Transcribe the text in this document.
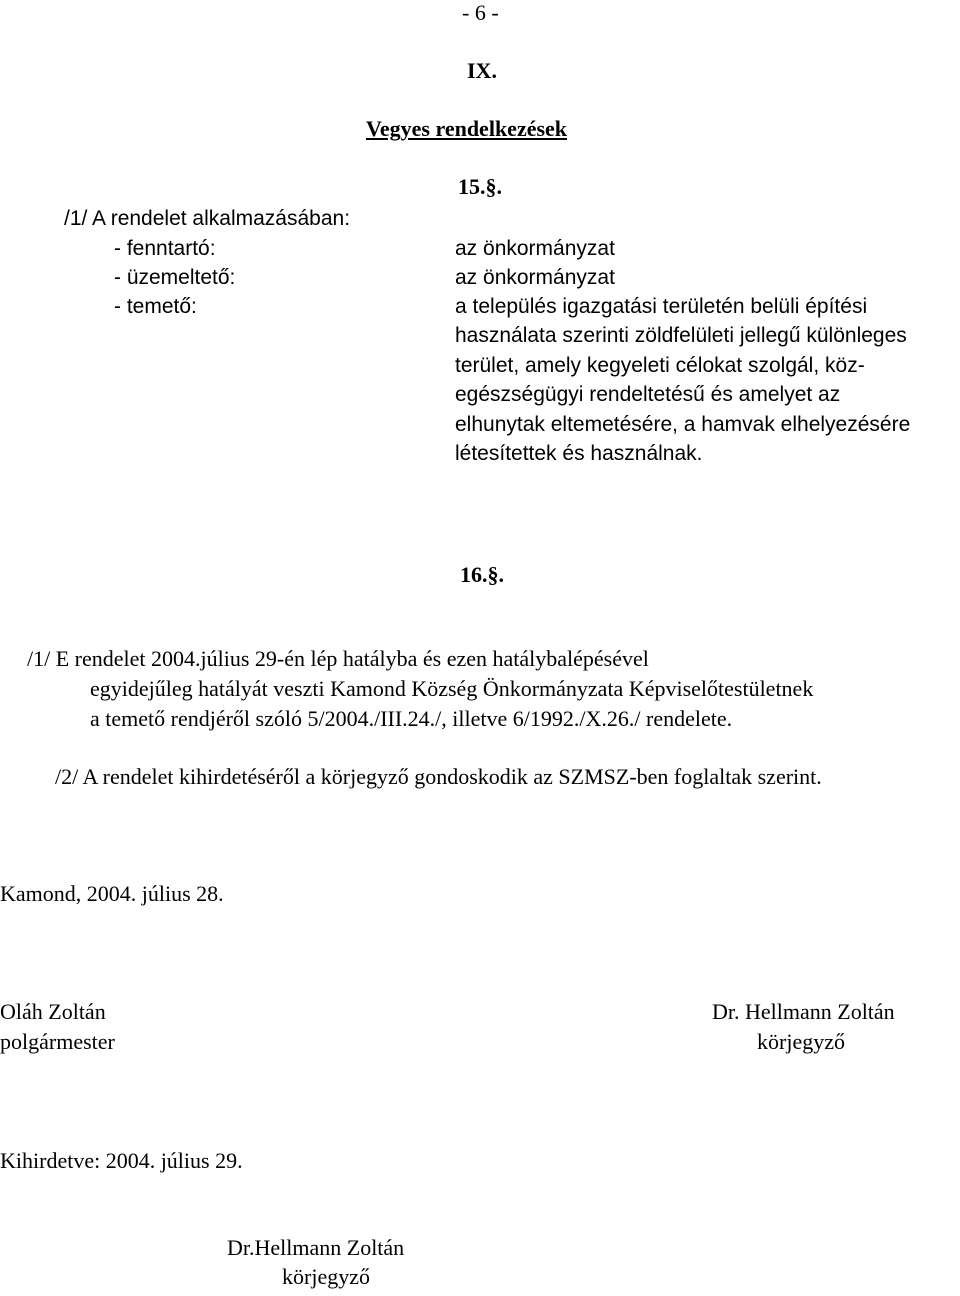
- 6 -
IX.
Vegyes rendelkezések
15.§.
/1/ A rendelet alkalmazásában:
- fenntartó:	az önkormányzat
- üzemeltető:	az önkormányzat
- temető:	a település igazgatási területén belüli építési
használata szerinti zöldfelületi jellegű különleges
terület, amely kegyeleti célokat szolgál, köz-
egészségügyi rendeltetésű és amelyet az
elhunytak eltemetésére, a hamvak elhelyezésére
létesítettek és használnak.
16.§.
/1/ E rendelet 2004.július 29-én lép hatályba és ezen hatálybalépésével
egyidejűleg hatályát veszti Kamond Község Önkormányzata Képviselőtestületnek
a temető rendjéről szóló 5/2004./III.24./, illetve 6/1992./X.26./ rendelete.
/2/ A rendelet kihirdetéséről a körjegyző gondoskodik az SZMSZ-ben foglaltak szerint.
Kamond, 2004. július 28.
Oláh Zoltán
polgármester
Dr. Hellmann Zoltán
körjegyző
Kihirdetve: 2004. július 29.
Dr.Hellmann Zoltán
körjegyző
